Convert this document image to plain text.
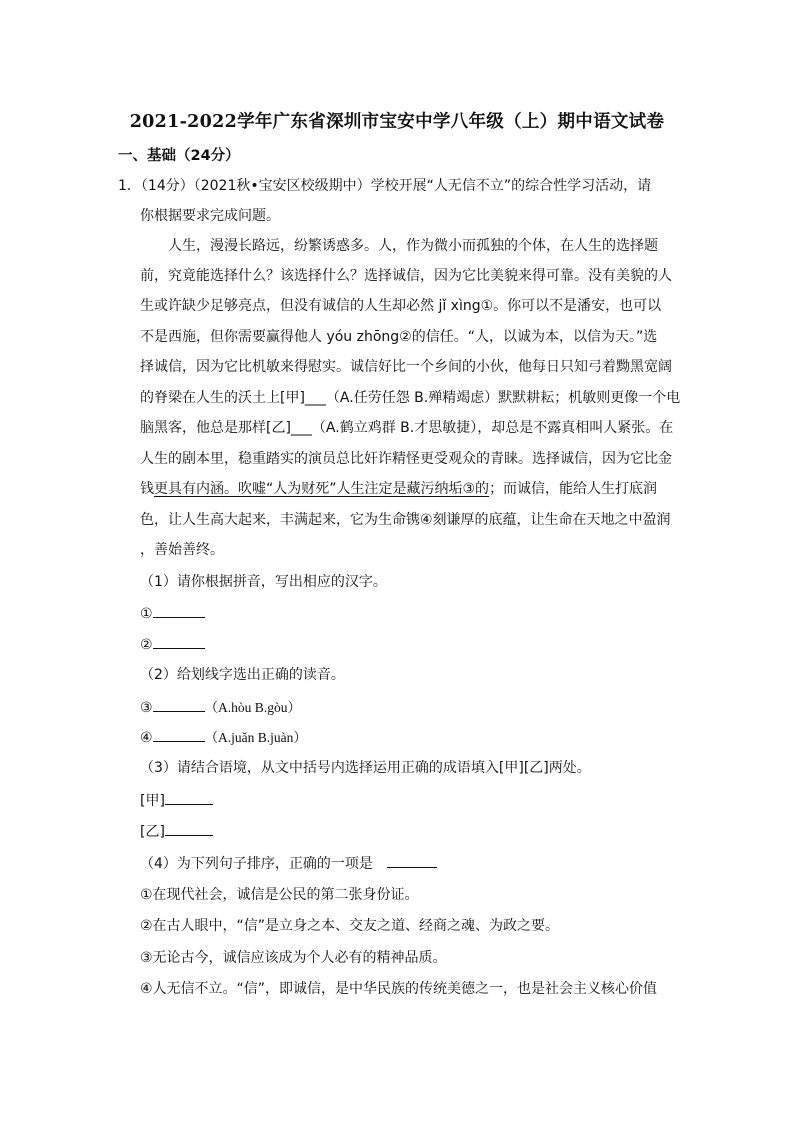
2021-2022学年广东省深圳市宝安中学八年级（上）期中语文试卷
一、基础（24分）
1．（14分）（2021秋•宝安区校级期中）学校开展“人无信不立”的综合性学习活动，请
你根据要求完成问题。
　　人生，漫漫长路远，纷繁诱惑多。人，作为微小而孤独的个体，在人生的选择题
前，究竟能选择什么？该选择什么？选择诚信，因为它比美貌来得可靠。没有美貌的人
生或许缺少足够亮点，但没有诚信的人生却必然 jǐ xìng①。你可以不是潘安，也可以
不是西施，但你需要赢得他人 yóu zhōng②的信任。“人，以诚为本，以信为天。”选
择诚信，因为它比机敏来得慰实。诚信好比一个乡间的小伙，他每日只知弓着黝黑宽阔
的脊梁在人生的沃土上[甲]___（A.任劳任怨 B.殚精竭虑）默默耕耘；机敏则更像一个电
脑黑客，他总是那样[乙]___（A.鹤立鸡群 B.才思敏捷），却总是不露真相叫人紧张。在
人生的剧本里，稳重踏实的演员总比奸诈精怪更受观众的青睐。选择诚信，因为它比金
钱更具有内涵。吹嘘“人为财死”人生注定是藏污纳垢③的；而诚信，能给人生打底润
色，让人生高大起来，丰满起来，它为生命镌④刻谦厚的底蕴，让生命在天地之中盈润
，善始善终。
（1）请你根据拼音，写出相应的汉字。
①
②
（2）给划线字选出正确的读音。
③	（A.hòu B.gòu）
④	（A.juǎn B.juàn）
（3）请结合语境，从文中括号内选择运用正确的成语填入[甲][乙]两处。
[甲]
[乙]
（4）为下列句子排序，正确的一项是
①在现代社会，诚信是公民的第二张身份证。
②在古人眼中，“信”是立身之本、交友之道、经商之魂、为政之要。
③无论古今，诚信应该成为个人必有的精神品质。
④人无信不立。“信”，即诚信，是中华民族的传统美德之一，也是社会主义核心价值
